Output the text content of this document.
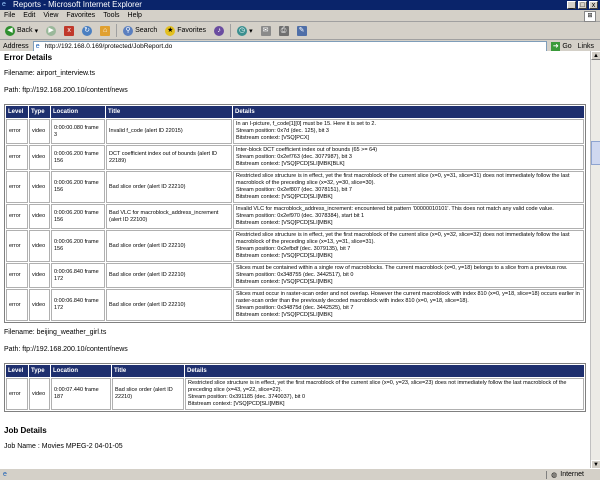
e Reports - Microsoft Internet Explorer	_ □	x
File Edit View Favorites Tools Help	⊞
◀ Back ▾	▶	x	↻	⌂	⚲ Search ★ Favorites	♪	◷ ▾ ✉	⎙	✎
Address e http://192.168.0.169/protected/JobReport.do	➜ Go Links
Error Details
Filename: airport_interview.ts
Path: ftp://192.168.200.10/content/news
Level	Type	Location	Title	Details
error	video	0:00:00.080 frame 3	Invalid f_code (alert ID 22015)	In an I-picture, f_code[1][0] must be 15. Here it is set to 2.
Stream position: 0x7d (dec. 125), bit 3
Bitstream context: [VSQ[PCX]

error	video	0:00:06.200 frame 156	DCT coefficient index out of bounds (alert ID 22189)	Inter-block DCT coefficient index out of bounds (65 >= 64)
Stream position: 0x2ef763 (dec. 3077987), bit 3
Bitstream context: [VSQ[PCD[SLI[MBK[BLK]

error	video	0:00:06.200 frame 156	Bad slice order (alert ID 22210)	Restricted slice structure is in effect, yet the first macroblock of the current slice (x=0, y=31, slice=31) does not immediately follow the last macroblock of the preceding slice (x=32, y=30, slice=30).
Stream position: 0x2ef807 (dec. 3078151), bit 7
Bitstream context: [VSQ[PCD[SLI[MBK]

error	video	0:00:06.200 frame 156	Bad VLC for macroblock_address_increment (alert ID 22100)	Invalid VLC for macroblock_address_increment: encountered bit pattern '00000010101'. This does not match any valid code value.
Stream position: 0x2ef970 (dec. 3078384), start bit 1
Bitstream context: [VSQ[PCD[SLI[MBK]

error	video	0:00:06.200 frame 156	Bad slice order (alert ID 22210)	Restricted slice structure is in effect, yet the first macroblock of the current slice (x=0, y=32, slice=32) does not immediately follow the last macroblock of the preceding slice (x=13, y=31, slice=31).
Stream position: 0x2efbdf (dec. 3079135), bit 7
Bitstream context: [VSQ[PCD[SLI[MBK]

error	video	0:00:06.840 frame 172	Bad slice order (alert ID 22210)	Slices must be contained within a single row of macroblocks. The current macroblock (x=0, y=18) belongs to a slice from a previous row.
Stream position: 0x348755 (dec. 3442517), bit 0
Bitstream context: [VSQ[PCD[SLI[MBK]

error	video	0:00:06.840 frame 172	Bad slice order (alert ID 22210)	Slices must occur in raster-scan order and not overlap. However the current macroblock with index 810 (x=0, y=18, slice=18) occurs earlier in raster-scan order than the previously decoded macroblock with index 810 (x=0, y=18, slice=18).
Stream position: 0x34875d (dec. 3442525), bit 7
Bitstream context: [VSQ[PCD[SLI[MBK]
Filename: beijing_weather_girl.ts
Path: ftp://192.168.200.10/content/news
Level	Type	Location	Title	Details
error	video	0:00:07.440 frame 187	Bad slice order (alert ID 22210)	Restricted slice structure is in effect, yet the first macroblock of the current slice (x=0, y=23, slice=23) does not immediately follow the last macroblock of the preceding slice (x=43, y=22, slice=22).
Stream position: 0x391185 (dec. 3740037), bit 0
Bitstream context: [VSQ[PCD[SLI[MBK]
Job Details
Job Name : Movies MPEG-2 04-01-05
▲
▼
e	◍ Internet
